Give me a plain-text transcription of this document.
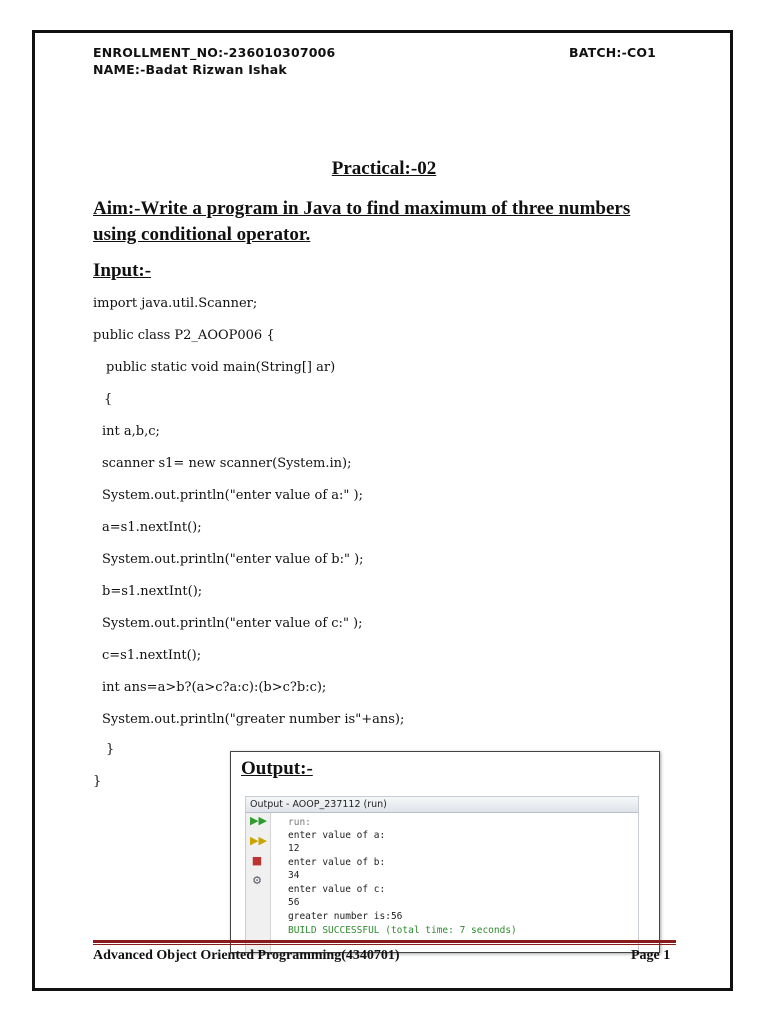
ENROLLMENT_NO:-236010307006	BATCH:-CO1
NAME:-Badat Rizwan Ishak
Practical:-02
Aim:-Write a program in Java to find maximum of three numbers using conditional operator.
Input:-
import java.util.Scanner;
public class P2_AOOP006 {
public static void main(String[] ar)
{
int a,b,c;
scanner s1= new scanner(System.in);
System.out.println("enter value of a:" );
a=s1.nextInt();
System.out.println("enter value of b:" );
b=s1.nextInt();
System.out.println("enter value of c:" );
c=s1.nextInt();
int ans=a>b?(a>c?a:c):(b>c?b:c);
System.out.println("greater number is"+ans);
}
}
Output:-
Output - AOOP_237112 (run)
▶▶
▶▶
■
⚙
run:
enter value of a:
12
enter value of b:
34
enter value of c:
56
greater number is:56
BUILD SUCCESSFUL (total time: 7 seconds)
Advanced Object Oriented Programming(4340701)	Page 1
